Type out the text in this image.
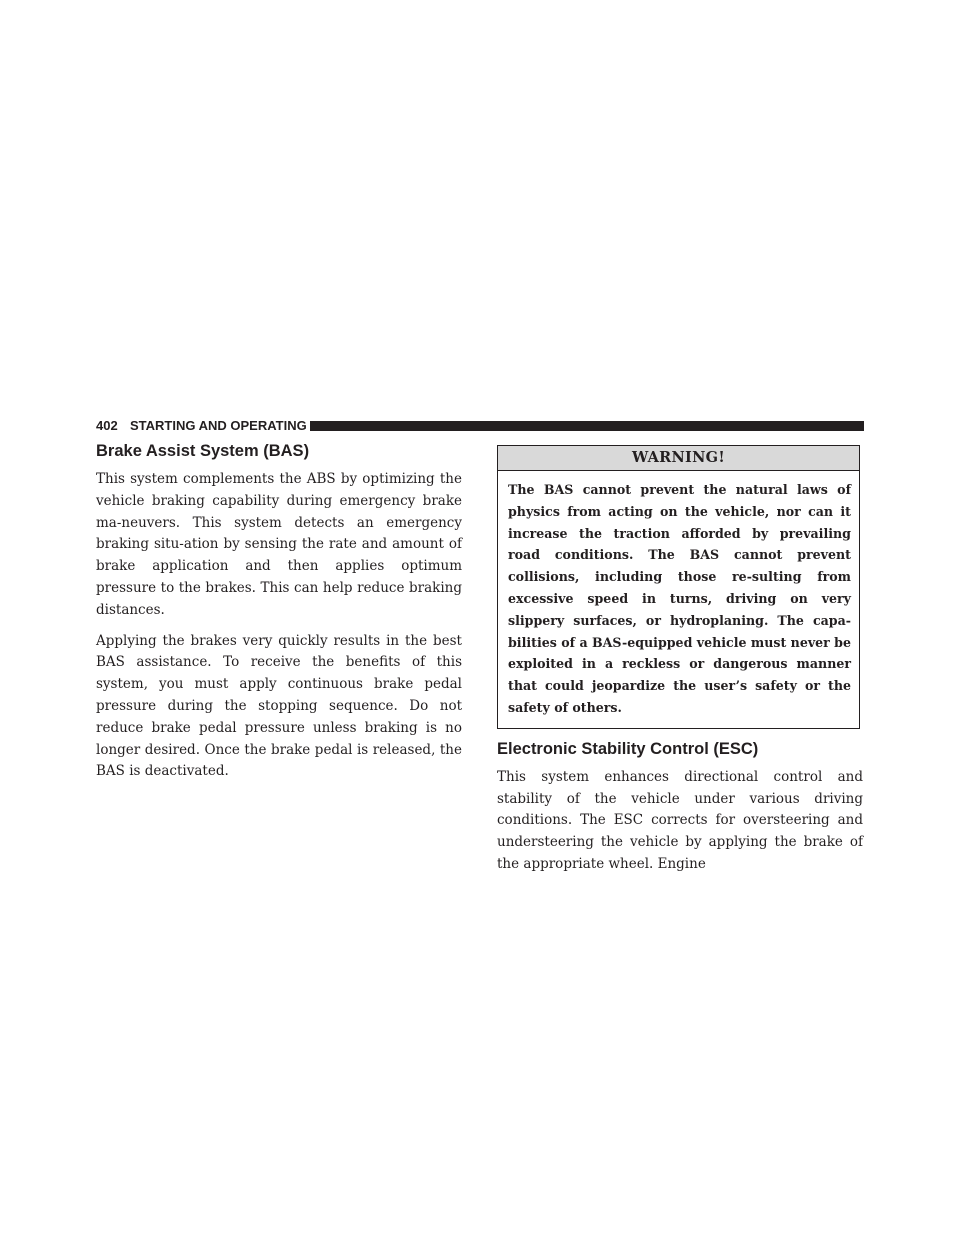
402 STARTING AND OPERATING
Brake Assist System (BAS)

This system complements the ABS by optimizing the vehicle braking capability during emergency brake ma-neuvers. This system detects an emergency braking situ-ation by sensing the rate and amount of brake application and then applies optimum pressure to the brakes. This can help reduce braking distances.

Applying the brakes very quickly results in the best BAS assistance. To receive the benefits of this system, you must apply continuous brake pedal pressure during the stopping sequence. Do not reduce brake pedal pressure unless braking is no longer desired. Once the brake pedal is released, the BAS is deactivated.

WARNING!

The BAS cannot prevent the natural laws of physics from acting on the vehicle, nor can it increase the traction afforded by prevailing road conditions. The BAS cannot prevent collisions, including those re-sulting from excessive speed in turns, driving on very slippery surfaces, or hydroplaning. The capa-bilities of a BAS-equipped vehicle must never be exploited in a reckless or dangerous manner that could jeopardize the user’s safety or the safety of others.

Electronic Stability Control (ESC)

This system enhances directional control and stability of the vehicle under various driving conditions. The ESC corrects for oversteering and understeering the vehicle by applying the brake of the appropriate wheel. Engine
